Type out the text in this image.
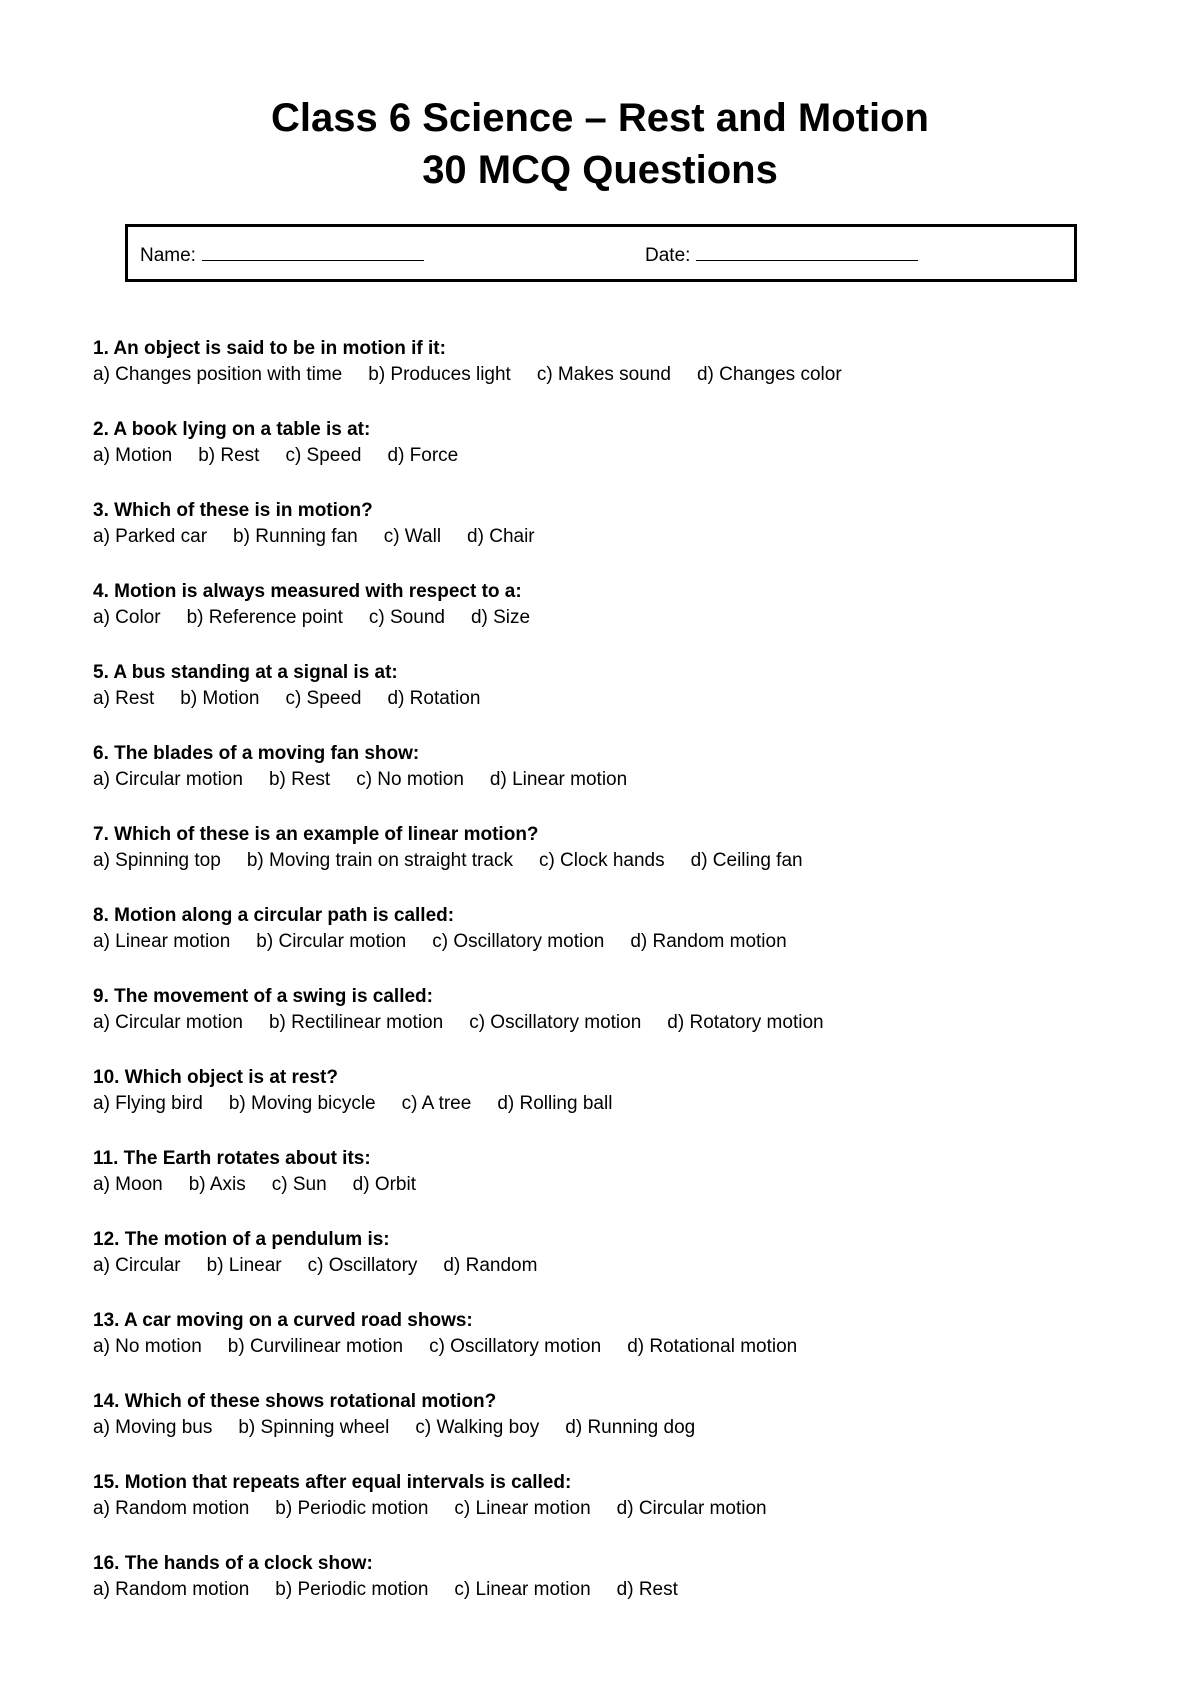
Class 6 Science – Rest and Motion
30 MCQ Questions
Name:	Date:
1. An object is said to be in motion if it:
a) Changes position with time b) Produces light c) Makes sound d) Changes color
2. A book lying on a table is at:
a) Motion b) Rest c) Speed d) Force
3. Which of these is in motion?
a) Parked car b) Running fan c) Wall d) Chair
4. Motion is always measured with respect to a:
a) Color b) Reference point c) Sound d) Size
5. A bus standing at a signal is at:
a) Rest b) Motion c) Speed d) Rotation
6. The blades of a moving fan show:
a) Circular motion b) Rest c) No motion d) Linear motion
7. Which of these is an example of linear motion?
a) Spinning top b) Moving train on straight track c) Clock hands d) Ceiling fan
8. Motion along a circular path is called:
a) Linear motion b) Circular motion c) Oscillatory motion d) Random motion
9. The movement of a swing is called:
a) Circular motion b) Rectilinear motion c) Oscillatory motion d) Rotatory motion
10. Which object is at rest?
a) Flying bird b) Moving bicycle c) A tree d) Rolling ball
11. The Earth rotates about its:
a) Moon b) Axis c) Sun d) Orbit
12. The motion of a pendulum is:
a) Circular b) Linear c) Oscillatory d) Random
13. A car moving on a curved road shows:
a) No motion b) Curvilinear motion c) Oscillatory motion d) Rotational motion
14. Which of these shows rotational motion?
a) Moving bus b) Spinning wheel c) Walking boy d) Running dog
15. Motion that repeats after equal intervals is called:
a) Random motion b) Periodic motion c) Linear motion d) Circular motion
16. The hands of a clock show:
a) Random motion b) Periodic motion c) Linear motion d) Rest
